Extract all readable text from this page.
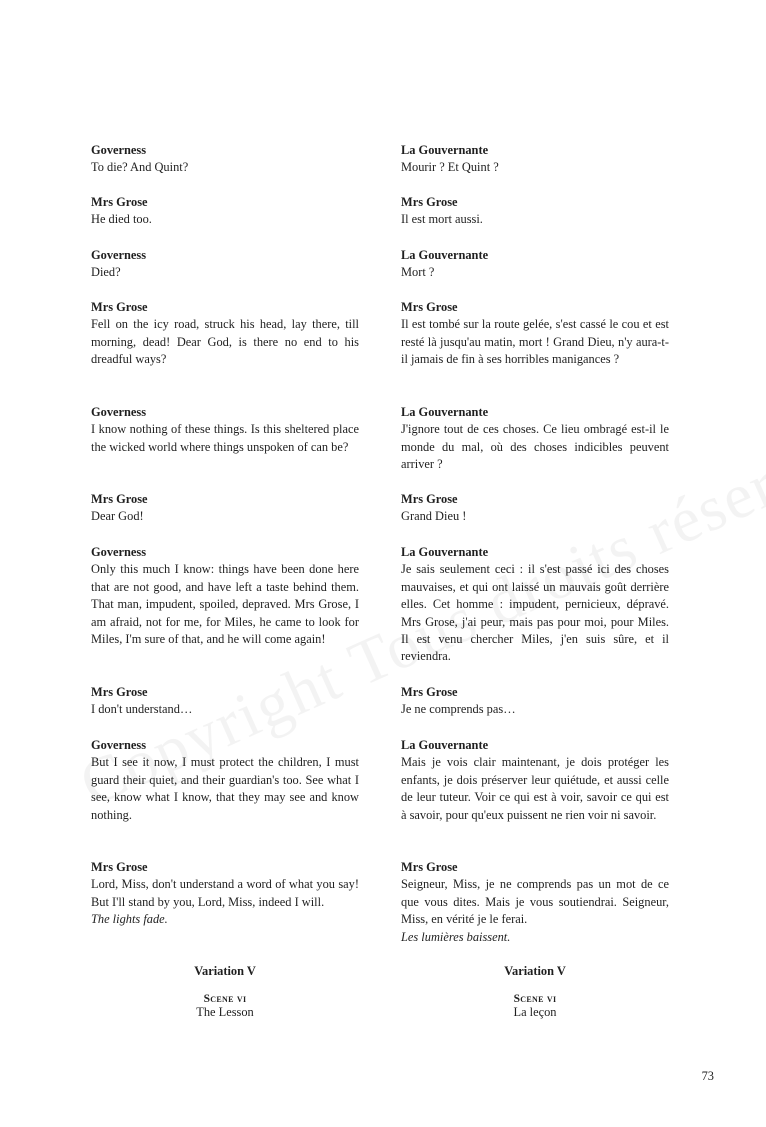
Governess
To die? And Quint?
Mrs Grose
He died too.
Governess
Died?
Mrs Grose
Fell on the icy road, struck his head, lay there, till morning, dead! Dear God, is there no end to his dreadful ways?
Governess
I know nothing of these things. Is this sheltered place the wicked world where things unspoken of can be?
Mrs Grose
Dear God!
Governess
Only this much I know: things have been done here that are not good, and have left a taste behind them. That man, impudent, spoiled, depraved. Mrs Grose, I am afraid, not for me, for Miles, he came to look for Miles, I'm sure of that, and he will come again!
Mrs Grose
I don't understand…
Governess
But I see it now, I must protect the children, I must guard their quiet, and their guardian's too. See what I see, know what I know, that they may see and know nothing.
Mrs Grose
Lord, Miss, don't understand a word of what you say! But I'll stand by you, Lord, Miss, indeed I will.
The lights fade.
Variation V
Scene vi
The Lesson
La Gouvernante
Mourir ? Et Quint ?
Mrs Grose
Il est mort aussi.
La Gouvernante
Mort ?
Mrs Grose
Il est tombé sur la route gelée, s'est cassé le cou et est resté là jusqu'au matin, mort ! Grand Dieu, n'y aura-t-il jamais de fin à ses horribles manigances ?
La Gouvernante
J'ignore tout de ces choses. Ce lieu ombragé est-il le monde du mal, où des choses indicibles peuvent arriver ?
Mrs Grose
Grand Dieu !
La Gouvernante
Je sais seulement ceci : il s'est passé ici des choses mauvaises, et qui ont laissé un mauvais goût derrière elles. Cet homme : impudent, pernicieux, dépravé. Mrs Grose, j'ai peur, mais pas pour moi, pour Miles. Il est venu chercher Miles, j'en suis sûre, et il reviendra.
Mrs Grose
Je ne comprends pas…
La Gouvernante
Mais je vois clair maintenant, je dois protéger les enfants, je dois préserver leur quiétude, et aussi celle de leur tuteur. Voir ce qui est à voir, savoir ce qui est à savoir, pour qu'eux puissent ne rien voir ni savoir.
Mrs Grose
Seigneur, Miss, je ne comprends pas un mot de ce que vous dites. Mais je vous soutiendrai. Seigneur, Miss, en vérité je le ferai.
Les lumières baissent.
Variation V
Scene vi
La leçon
73
